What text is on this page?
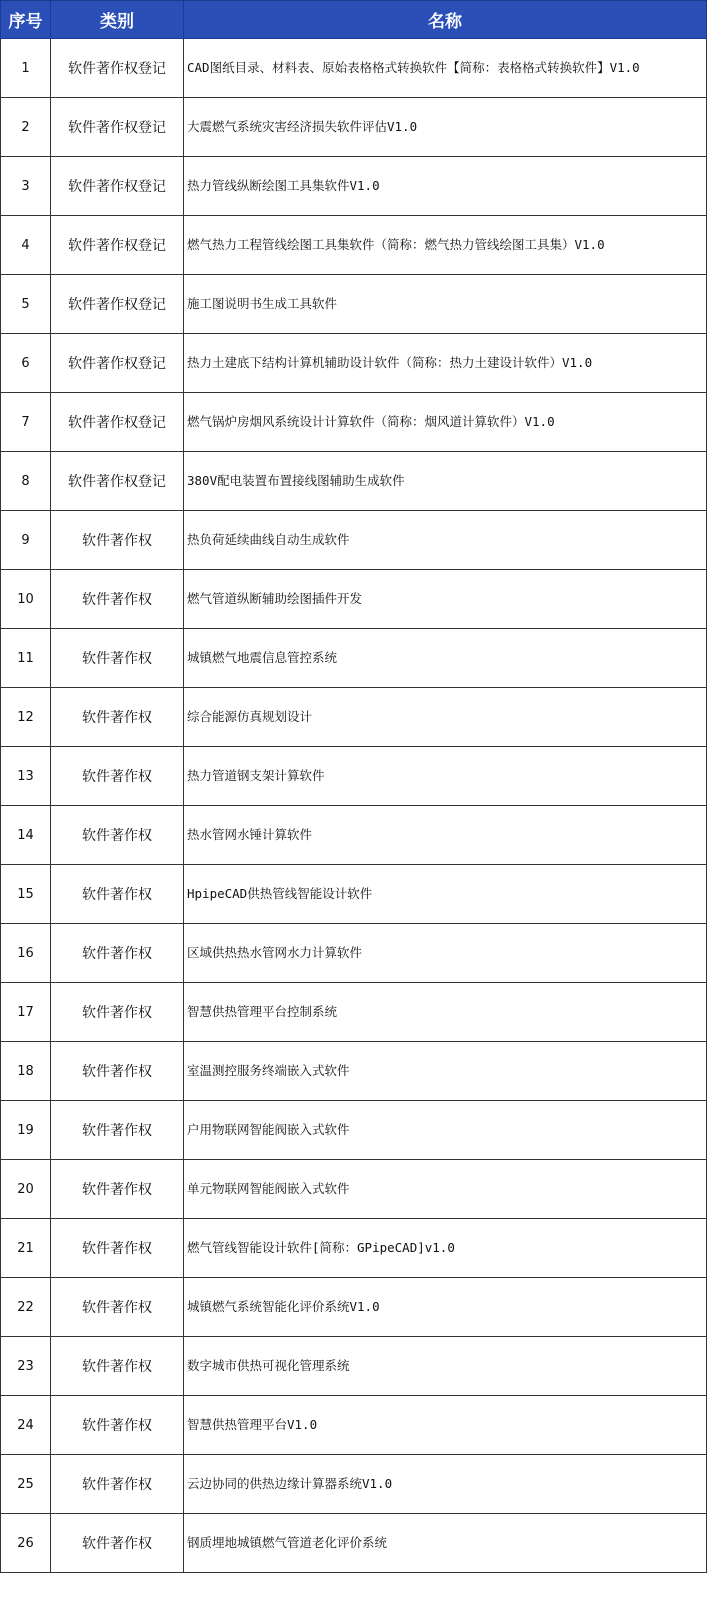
序号	类别	名称
1	软件著作权登记	CAD图纸目录、材料表、原始表格格式转换软件【简称：表格格式转换软件】V1.0
2	软件著作权登记	大震燃气系统灾害经济损失软件评估V1.0
3	软件著作权登记	热力管线纵断绘图工具集软件V1.0
4	软件著作权登记	燃气热力工程管线绘图工具集软件（简称：燃气热力管线绘图工具集）V1.0
5	软件著作权登记	施工图说明书生成工具软件
6	软件著作权登记	热力土建底下结构计算机辅助设计软件（简称：热力土建设计软件）V1.0
7	软件著作权登记	燃气锅炉房烟风系统设计计算软件（简称：烟风道计算软件）V1.0
8	软件著作权登记	380V配电装置布置接线图辅助生成软件
9	软件著作权	热负荷延续曲线自动生成软件
10	软件著作权	燃气管道纵断辅助绘图插件开发
11	软件著作权	城镇燃气地震信息管控系统
12	软件著作权	综合能源仿真规划设计
13	软件著作权	热力管道钢支架计算软件
14	软件著作权	热水管网水锤计算软件
15	软件著作权	HpipeCAD供热管线智能设计软件
16	软件著作权	区域供热热水管网水力计算软件
17	软件著作权	智慧供热管理平台控制系统
18	软件著作权	室温测控服务终端嵌入式软件
19	软件著作权	户用物联网智能阀嵌入式软件
20	软件著作权	单元物联网智能阀嵌入式软件
21	软件著作权	燃气管线智能设计软件[简称：GPipeCAD]v1.0
22	软件著作权	城镇燃气系统智能化评价系统V1.0
23	软件著作权	数字城市供热可视化管理系统
24	软件著作权	智慧供热管理平台V1.0
25	软件著作权	云边协同的供热边缘计算器系统V1.0
26	软件著作权	钢质埋地城镇燃气管道老化评价系统
